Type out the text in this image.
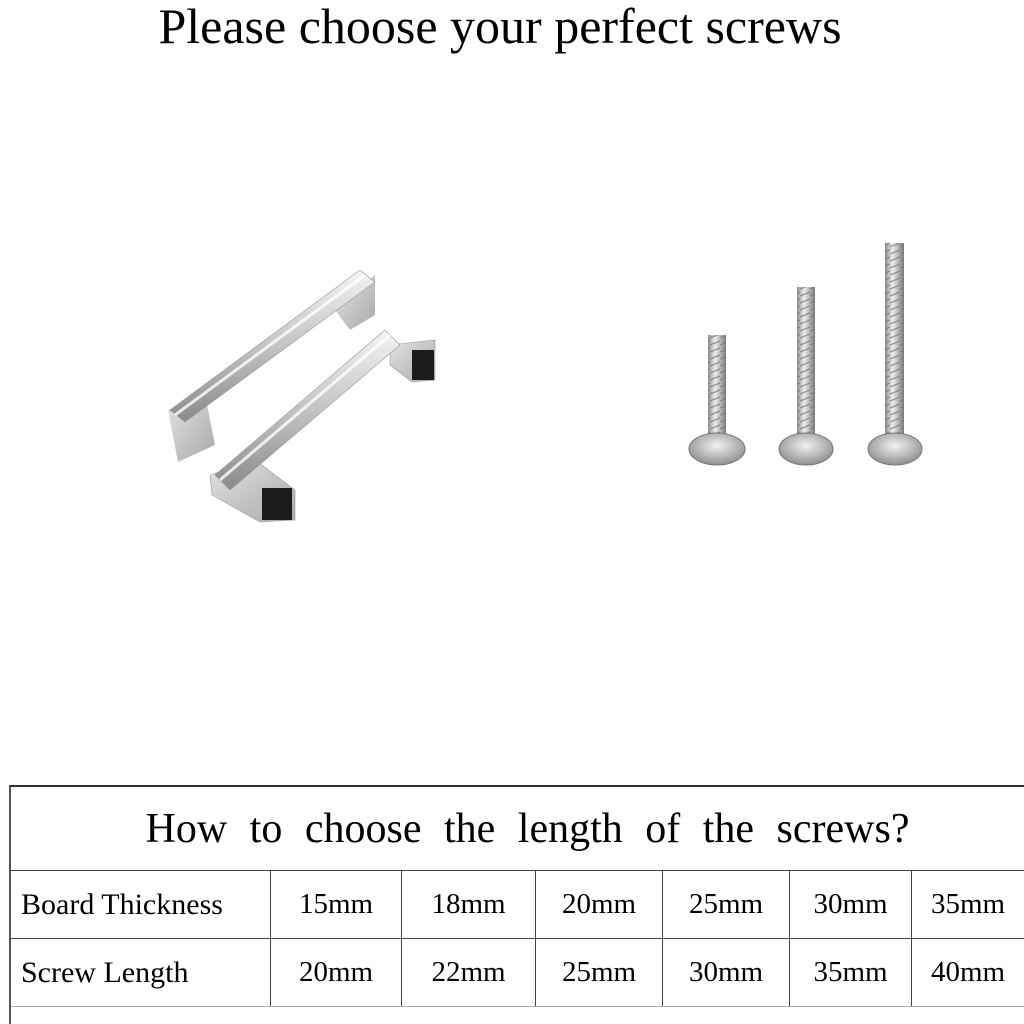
Please choose your perfect screws
How to choose the length of the screws?
Board Thickness	15mm	18mm	20mm	25mm	30mm	35mm
Screw Length	20mm	22mm	25mm	30mm	35mm	40mm
